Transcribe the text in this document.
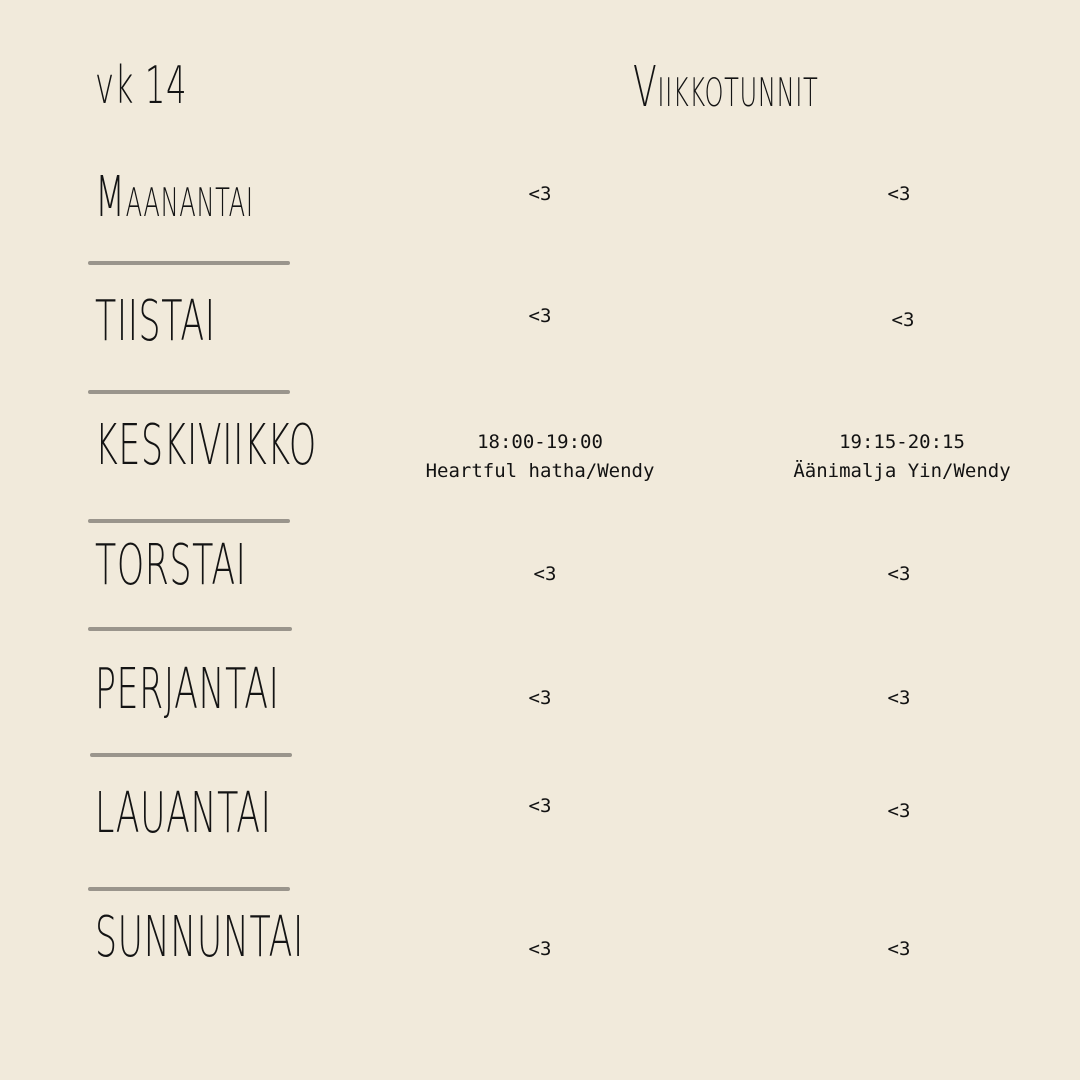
vk 14	Viikkotunnit
Maanantai
TIISTAI
KESKIVIIKKO
TORSTAI
PERJANTAI
LAUANTAI
SUNNUNTAI
<3
<3
18:00-19:00
Heartful hatha/Wendy
<3
<3
<3
<3
<3
<3
19:15-20:15
Äänimalja Yin/Wendy
<3
<3
<3
<3
